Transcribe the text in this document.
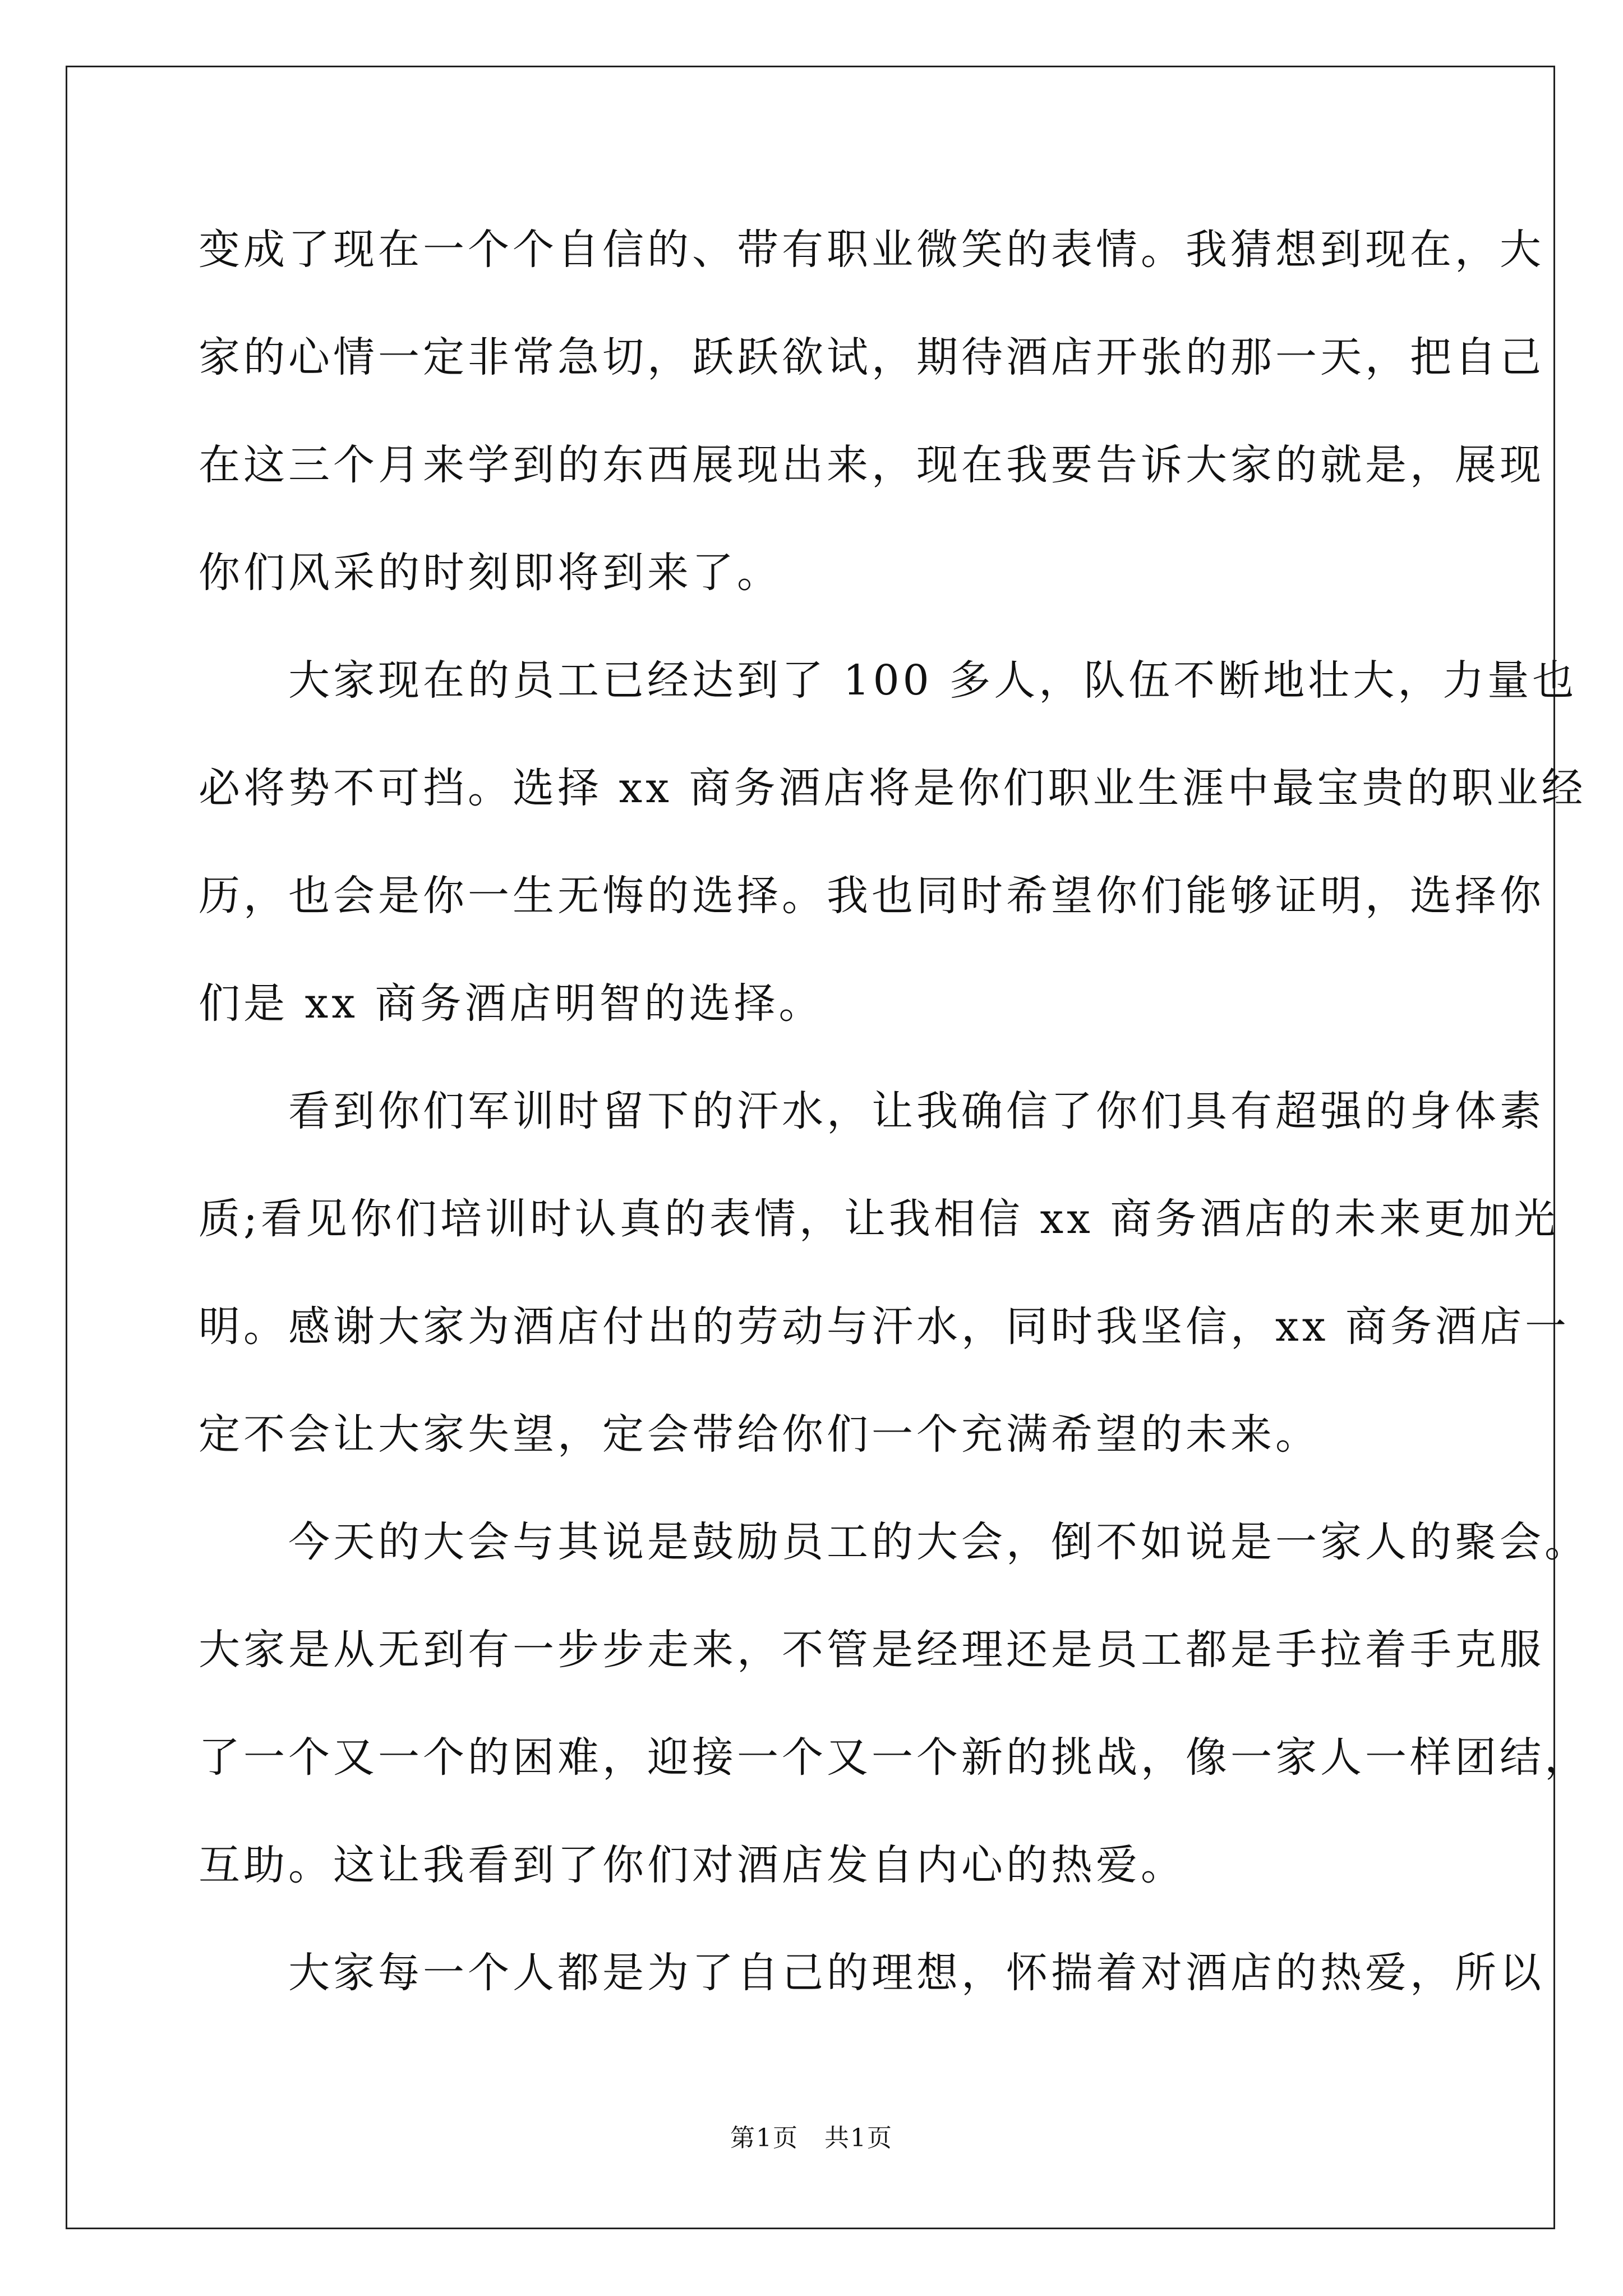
变成了现在一个个自信的、带有职业微笑的表情。我猜想到现在，大
家的心情一定非常急切，跃跃欲试，期待酒店开张的那一天，把自己
在这三个月来学到的东西展现出来，现在我要告诉大家的就是，展现
你们风采的时刻即将到来了。
　　大家现在的员工已经达到了 100 多人，队伍不断地壮大，力量也
必将势不可挡。选择 xx 商务酒店将是你们职业生涯中最宝贵的职业经
历，也会是你一生无悔的选择。我也同时希望你们能够证明，选择你
们是 xx 商务酒店明智的选择。
　　看到你们军训时留下的汗水，让我确信了你们具有超强的身体素
质;看见你们培训时认真的表情，让我相信 xx 商务酒店的未来更加光
明。感谢大家为酒店付出的劳动与汗水，同时我坚信，xx 商务酒店一
定不会让大家失望，定会带给你们一个充满希望的未来。
　　今天的大会与其说是鼓励员工的大会，倒不如说是一家人的聚会。
大家是从无到有一步步走来，不管是经理还是员工都是手拉着手克服
了一个又一个的困难，迎接一个又一个新的挑战，像一家人一样团结，
互助。这让我看到了你们对酒店发自内心的热爱。
　　大家每一个人都是为了自己的理想，怀揣着对酒店的热爱，所以
第1页　共1页
